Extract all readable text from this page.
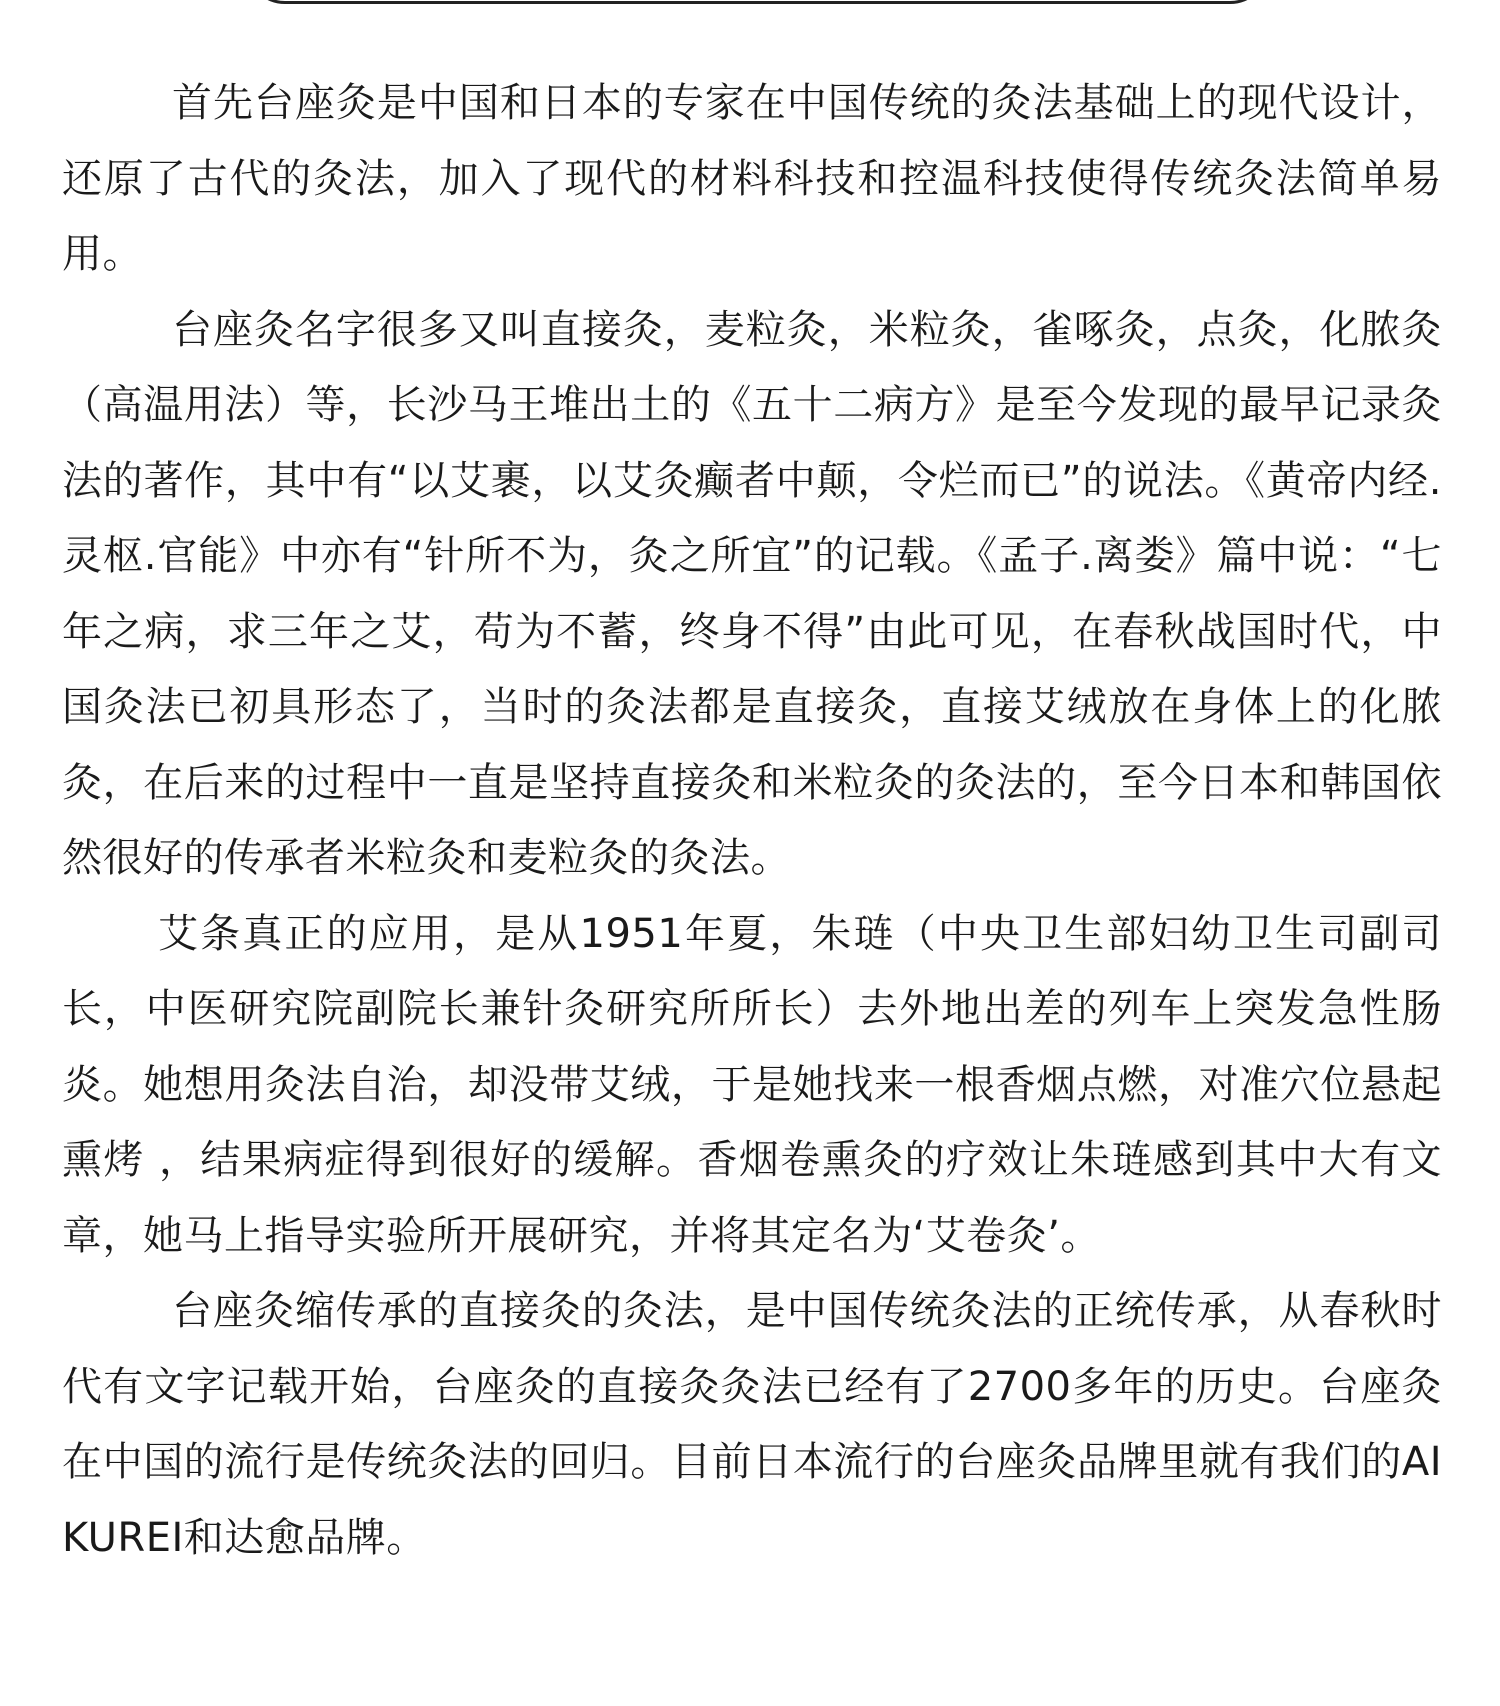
首先台座灸是中国和日本的专家在中国传统的灸法基础上的现代设计，还原了古代的灸法，加入了现代的材料科技和控温科技使得传统灸法简单易用。

台座灸名字很多又叫直接灸，麦粒灸，米粒灸，雀啄灸，点灸，化脓灸（高温用法）等，长沙马王堆出土的《五十二病方》是至今发现的最早记录灸法的著作，其中有“以艾裹，以艾灸癫者中颠，令烂而已”的说法。《黄帝内经.灵枢.官能》中亦有“针所不为，灸之所宜”的记载。《孟子.离娄》篇中说：“七年之病，求三年之艾，苟为不蓄，终身不得”由此可见，在春秋战国时代，中国灸法已初具形态了，当时的灸法都是直接灸，直接艾绒放在身体上的化脓灸，在后来的过程中一直是坚持直接灸和米粒灸的灸法的，至今日本和韩国依然很好的传承者米粒灸和麦粒灸的灸法。

艾条真正的应用，是从1951年夏，朱琏（中央卫生部妇幼卫生司副司长，中医研究院副院长兼针灸研究所所长）去外地出差的列车上突发急性肠炎。她想用灸法自治，却没带艾绒，于是她找来一根香烟点燃，对准穴位悬起熏烤 ，结果病症得到很好的缓解。香烟卷熏灸的疗效让朱琏感到其中大有文章，她马上指导实验所开展研究，并将其定名为‘艾卷灸’。

台座灸缩传承的直接灸的灸法，是中国传统灸法的正统传承，从春秋时代有文字记载开始，台座灸的直接灸灸法已经有了2700多年的历史。台座灸在中国的流行是传统灸法的回归。目前日本流行的台座灸品牌里就有我们的AIKUREI和达愈品牌。
